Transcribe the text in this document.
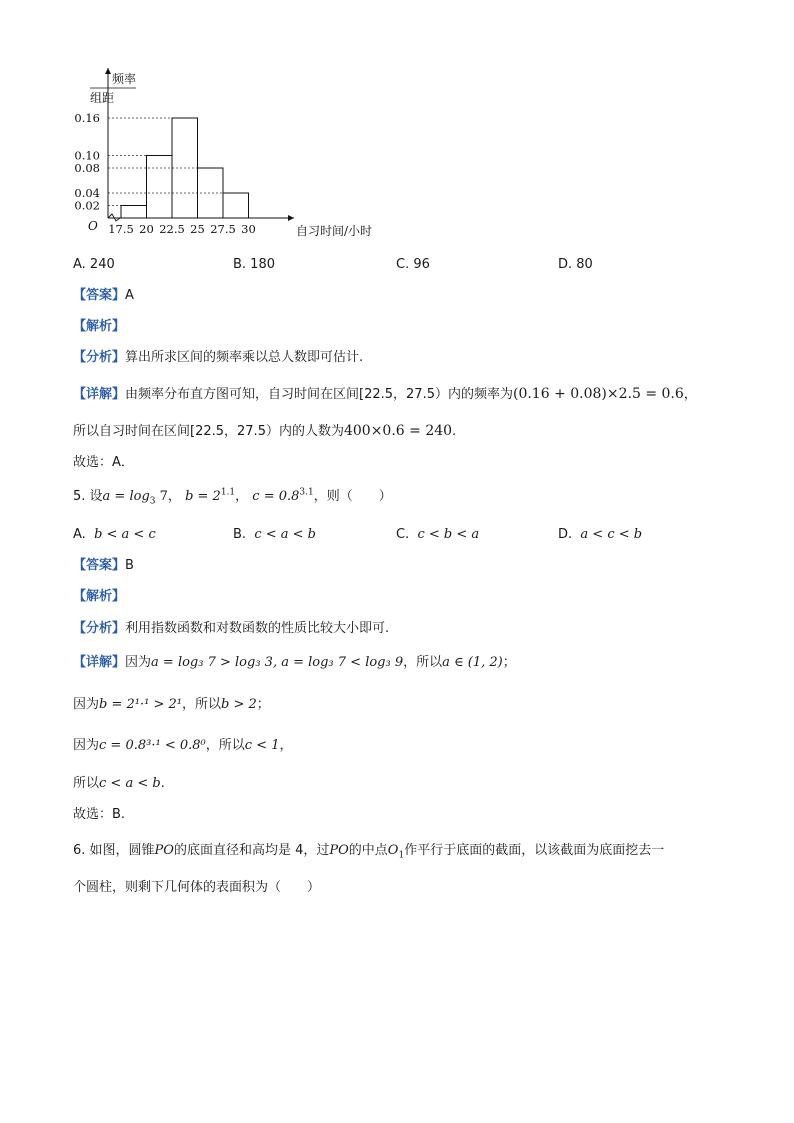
0.02
0.04
0.08
0.10
0.16
17.5 20 22.5 25 27.5 30
O
频率
组距
自习时间/小时
A. 240	B. 180	C. 96	D. 80
【答案】A
【解析】
【分析】算出所求区间的频率乘以总人数即可估计.
【详解】由频率分布直方图可知，自习时间在区间[22.5，27.5）内的频率为(0.16 + 0.08)×2.5 = 0.6，
所以自习时间在区间[22.5，27.5）内的人数为400×0.6 = 240.
故选：A．
5. 设$a = \log_3 7$， $b = 2^{1.1}$， $c = 0.8^{3.1}$，则（　　）
A. b < a < c	B. c < a < b	C. c < b < a	D. a < c < b
【答案】B
【解析】
【分析】利用指数函数和对数函数的性质比较大小即可.
【详解】因为a = log₃ 7 > log₃ 3, a = log₃ 7 < log₃ 9，所以a ∈ (1, 2)；
因为b = 2¹·¹ > 2¹，所以b > 2；
因为c = 0.8³·¹ < 0.8⁰，所以c < 1，
所以c < a < b.
故选：B.
6. 如图，圆锥PO的底面直径和高均是 4，过PO的中点$O_1$作平行于底面的截面，以该截面为底面挖去一
个圆柱，则剩下几何体的表面积为（　　）
